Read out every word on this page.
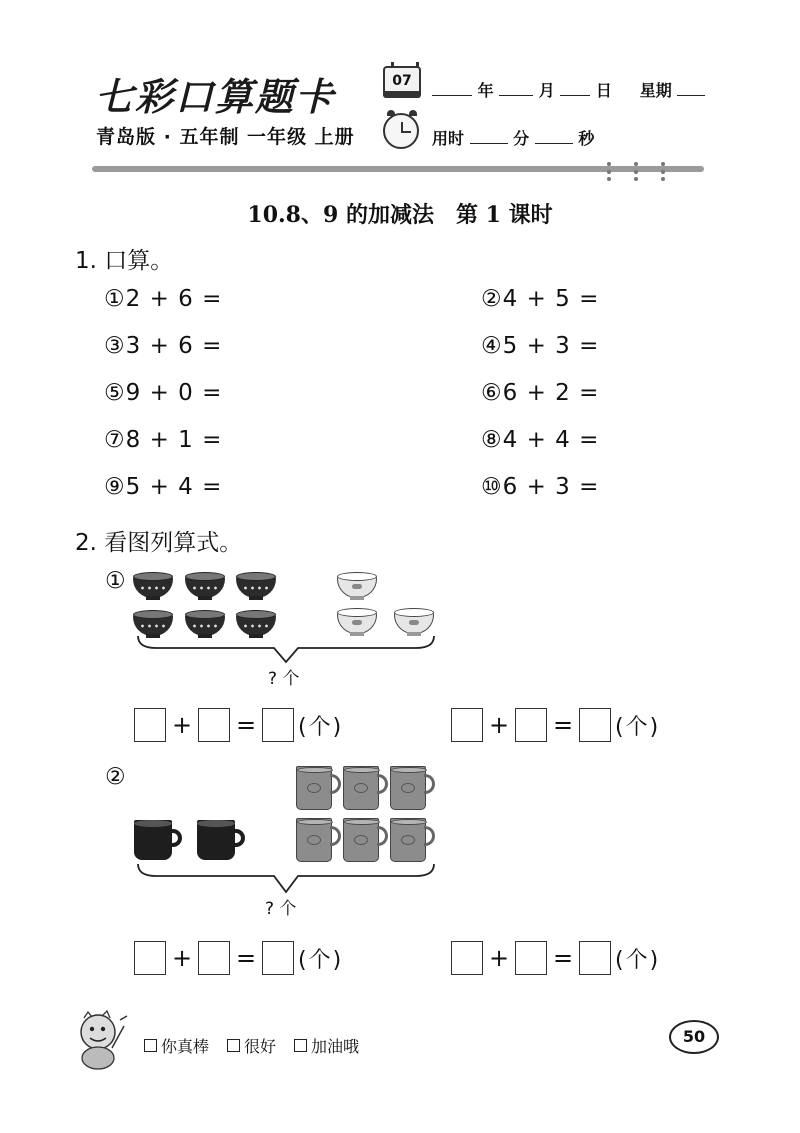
七彩口算题卡	07	年	月	日 星期
青岛版 · 五年制 一年级 上册	用时	分	秒
10.8、9 的加减法　第 1 课时
1. 口算。
①2 + 6 =	②4 + 5 =
③3 + 6 =	④5 + 3 =
⑤9 + 0 =	⑥6 + 2 =
⑦8 + 1 =	⑧4 + 4 =
⑨5 + 4 =	⑩6 + 3 =
2. 看图列算式。
①
? 个
+ = (个)	+ = (个)
②
? 个
+ = (个)	+ = (个)
你真棒 很好 加油哦
50
